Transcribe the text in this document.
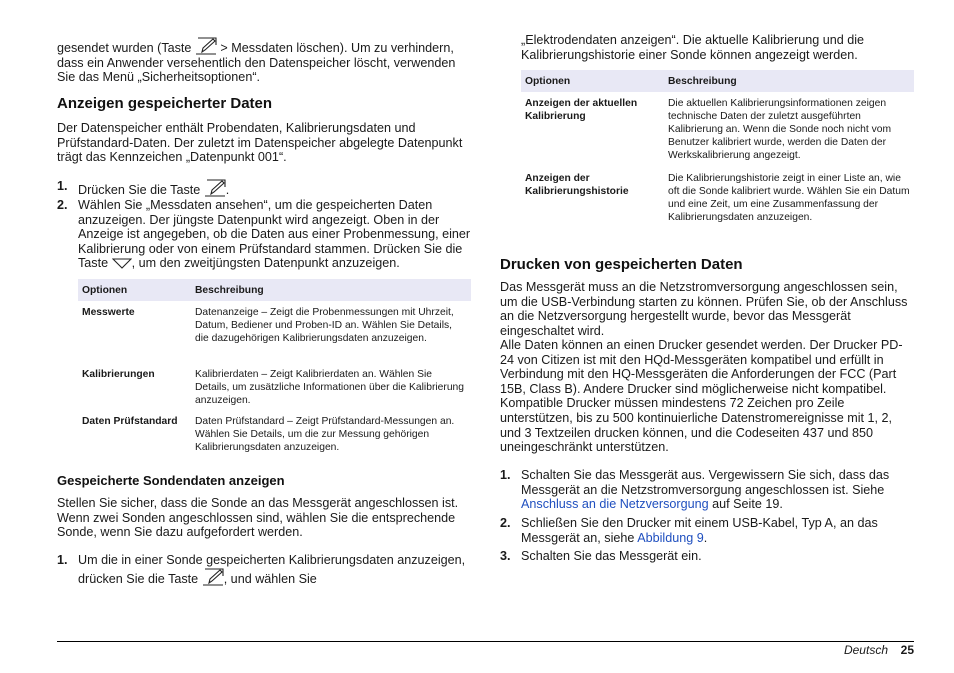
gesendet wurden (Taste > Messdaten löschen). Um zu verhindern, dass ein Anwender versehentlich den Datenspeicher löscht, verwenden Sie das Menü „Sicherheitsoptionen“.

Anzeigen gespeicherter Daten

Der Datenspeicher enthält Probendaten, Kalibrierungsdaten und Prüfstandard-Daten. Der zuletzt im Datenspeicher abgelegte Datenpunkt trägt das Kennzeichen „Datenpunkt 001“.

1. Drücken Sie die Taste .
2. Wählen Sie „Messdaten ansehen“, um die gespeicherten Daten anzuzeigen. Der jüngste Datenpunkt wird angezeigt. Oben in der Anzeige ist angegeben, ob die Daten aus einer Probenmessung, einer Kalibrierung oder von einem Prüfstandard stammen. Drücken Sie die Taste , um den zweitjüngsten Datenpunkt anzuzeigen.
Optionen	Beschreibung
Messwerte	Datenanzeige – Zeigt die Probenmessungen mit Uhrzeit, Datum, Bediener und Proben-ID an. Wählen Sie Details, die dazugehörigen Kalibrierungsdaten anzuzeigen.
Kalibrierungen	Kalibrierdaten – Zeigt Kalibrierdaten an. Wählen Sie Details, um zusätzliche Informationen über die Kalibrierung anzuzeigen.
Daten Prüfstandard	Daten Prüfstandard – Zeigt Prüfstandard-Messungen an. Wählen Sie Details, um die zur Messung gehörigen Kalibrierungsdaten anzuzeigen.
Gespeicherte Sondendaten anzeigen

Stellen Sie sicher, dass die Sonde an das Messgerät angeschlossen ist. Wenn zwei Sonden angeschlossen sind, wählen Sie die entsprechende Sonde, wenn Sie dazu aufgefordert werden.

1. Um die in einer Sonde gespeicherten Kalibrierungsdaten anzuzeigen, drücken Sie die Taste , und wählen Sie

„Elektrodendaten anzeigen“. Die aktuelle Kalibrierung und die Kalibrierungshistorie einer Sonde können angezeigt werden.

Optionen	Beschreibung
Anzeigen der aktuellen Kalibrierung	Die aktuellen Kalibrierungsinformationen zeigen technische Daten der zuletzt ausgeführten Kalibrierung an. Wenn die Sonde noch nicht vom Benutzer kalibriert wurde, werden die Daten der Werkskalibrierung angezeigt.
Anzeigen der Kalibrierungshistorie	Die Kalibrierungshistorie zeigt in einer Liste an, wie oft die Sonde kalibriert wurde. Wählen Sie ein Datum und eine Zeit, um eine Zusammenfassung der Kalibrierungsdaten anzuzeigen.
Drucken von gespeicherten Daten

Das Messgerät muss an die Netzstromversorgung angeschlossen sein, um die USB-Verbindung starten zu können. Prüfen Sie, ob der Anschluss an die Netzversorgung hergestellt wurde, bevor das Messgerät eingeschaltet wird.

Alle Daten können an einen Drucker gesendet werden. Der Drucker PD-24 von Citizen ist mit den HQd-Messgeräten kompatibel und erfüllt in Verbindung mit den HQ-Messgeräten die Anforderungen der FCC (Part 15B, Class B). Andere Drucker sind möglicherweise nicht kompatibel. Kompatible Drucker müssen mindestens 72 Zeichen pro Zeile unterstützen, bis zu 500 kontinuierliche Datenstromereignisse mit 1, 2, und 3 Textzeilen drucken können, und die Codeseiten 437 und 850 uneingeschränkt unterstützen.

1. Schalten Sie das Messgerät aus. Vergewissern Sie sich, dass das Messgerät an die Netzstromversorgung angeschlossen ist. Siehe Anschluss an die Netzversorgung auf Seite 19.
2. Schließen Sie den Drucker mit einem USB-Kabel, Typ A, an das Messgerät an, siehe Abbildung 9.
3. Schalten Sie das Messgerät ein.
Deutsch 25
